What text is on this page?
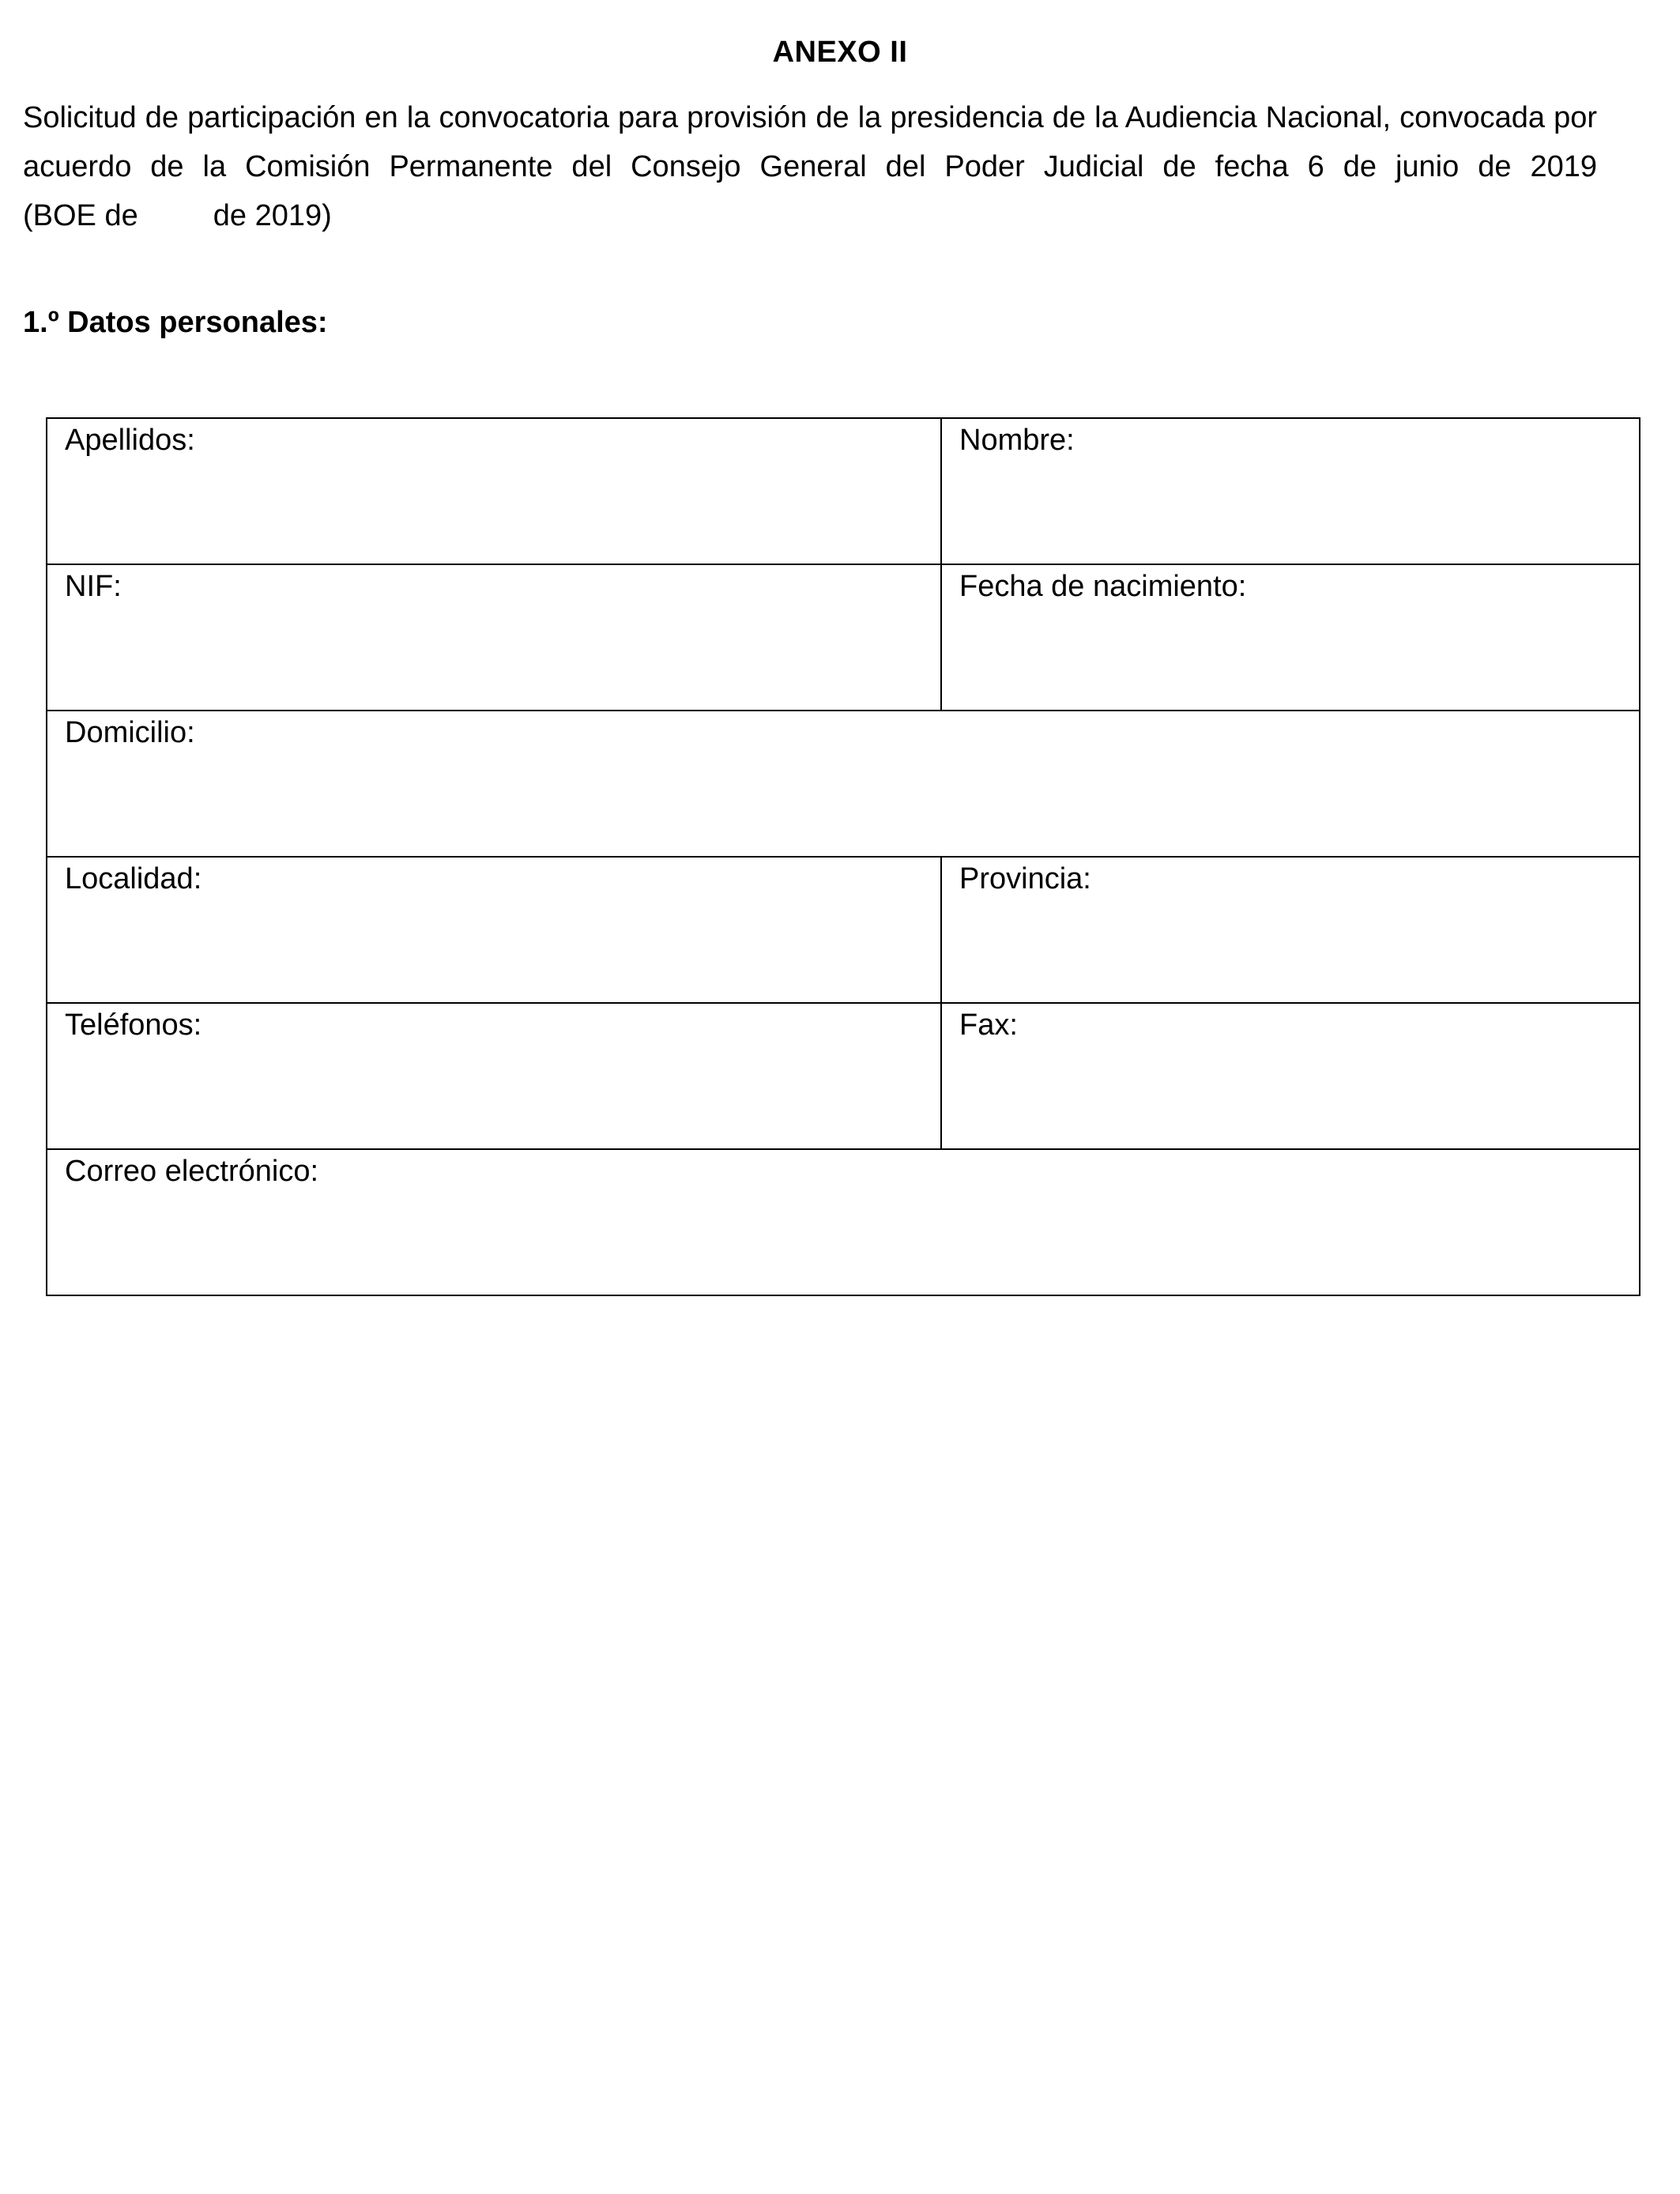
ANEXO II
Solicitud de participación en la convocatoria para provisión de la presidencia de la Audiencia Nacional, convocada por acuerdo de la Comisión Permanente del Consejo General del Poder Judicial de fecha 6 de junio de 2019 (BOE de         de 2019)
1.º Datos personales:
Apellidos:	Nombre:

NIF:	Fecha de nacimiento:

Domicilio:	

Localidad:	Provincia:

Teléfonos:	Fax:

Correo electrónico:	
